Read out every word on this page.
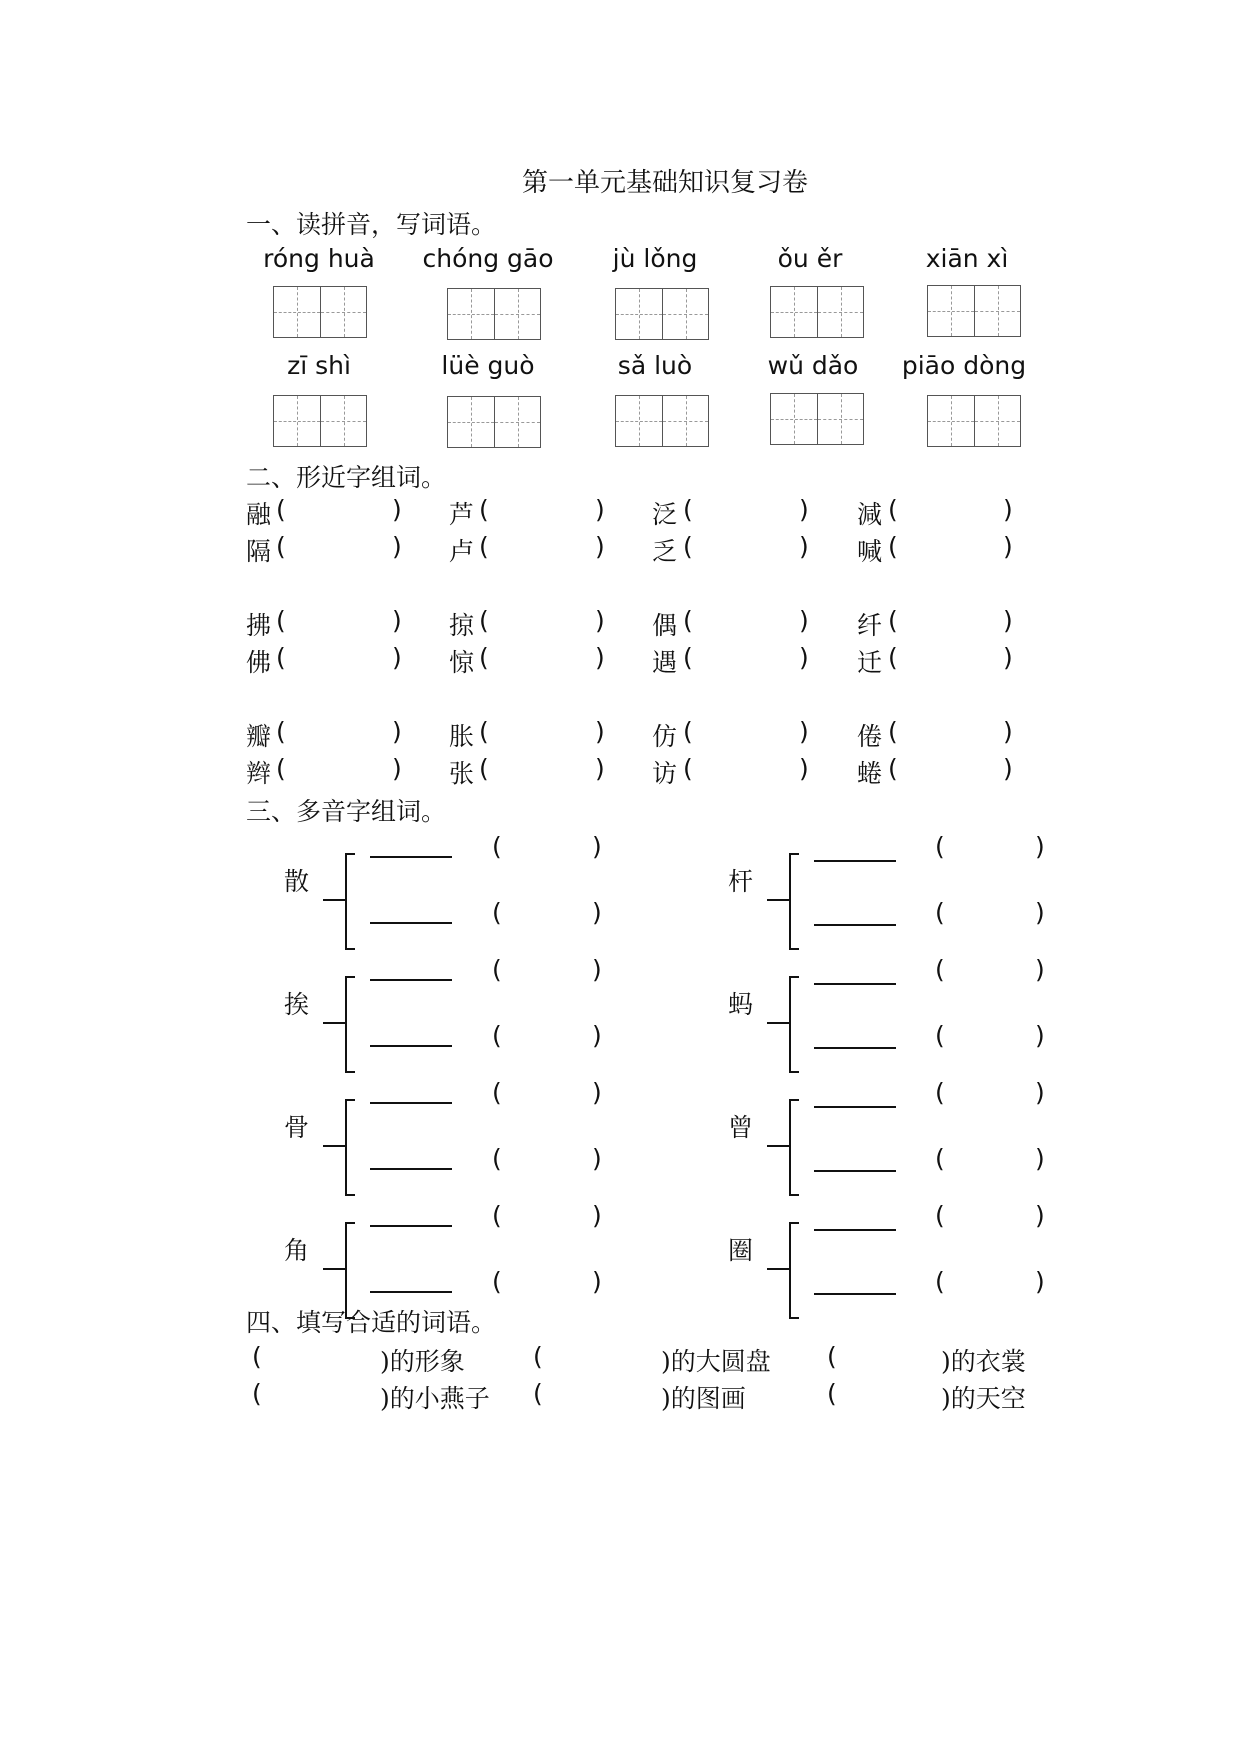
第一单元基础知识复习卷
一、读拼音，写词语。
róng huà	chóng gāo	jù lǒng	ǒu ěr	xiān xì
zī shì	lüè guò	sǎ luò	wǔ dǎo	piāo dòng
二、形近字组词。
融 (	) 芦 (	) 泛 (	) 減 (	)
隔 (	) 卢 (	) 乏 (	) 喊 (	)
拂 (	) 掠 (	) 偶 (	) 纤 (	)
佛 (	) 惊 (	) 遇 (	) 迁 (	)
瓣 (	) 胀 (	) 仿 (	) 倦 (	)
辫 (	) 张 (	) 访 (	) 蜷 (	)
三、多音字组词。
散
(	)
(	)
挨
(	)
(	)
骨
(	)
(	)
角
(	)
(	)
杆
(	)
(	)
蚂
(	)
(	)
曾
(	)
(	)
圈
(	)
(	)
四、填写合适的词语。
(	)的形象	(	)的大圆盘 (	)的衣裳
(	)的小燕子 (	)的图画	(	)的天空
